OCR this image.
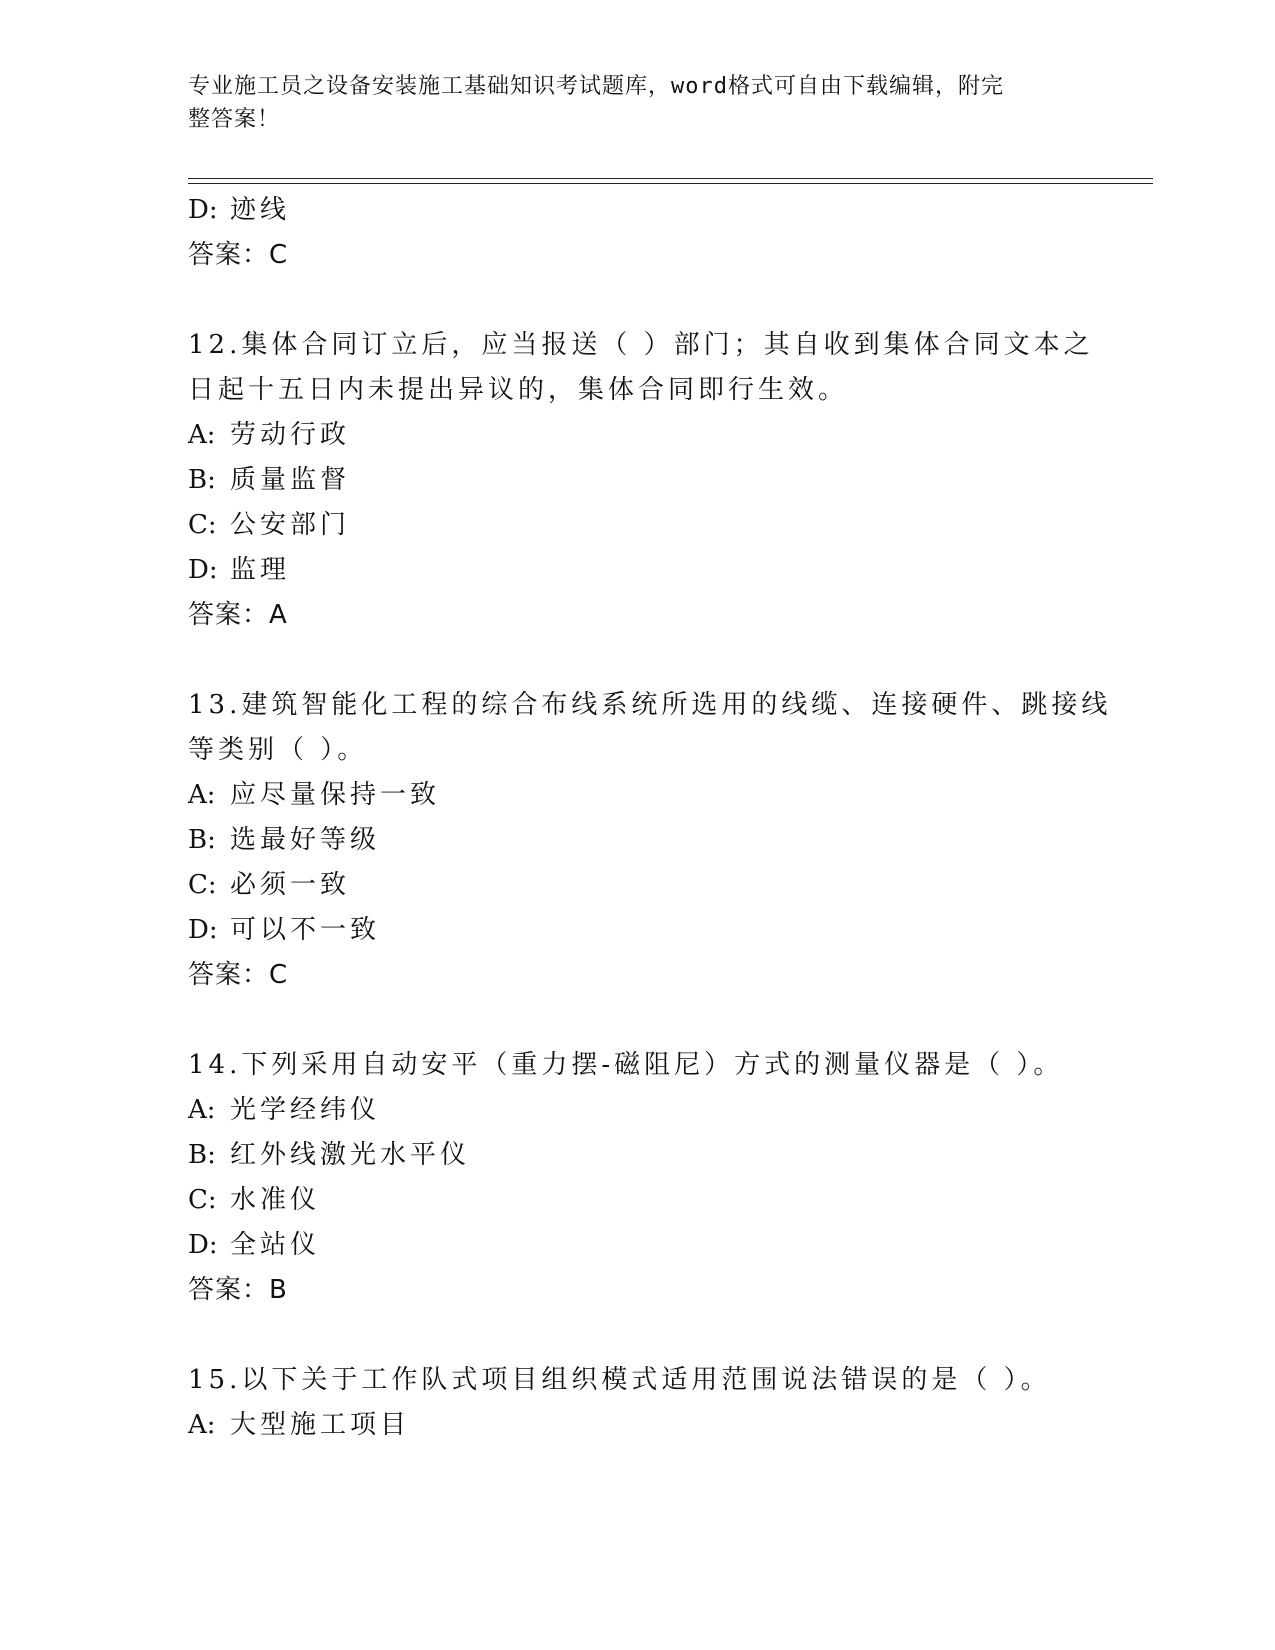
专业施工员之设备安装施工基础知识考试题库，word格式可自由下载编辑，附完
整答案！
D: 迹线
答案：C
12.集体合同订立后，应当报送（ ）部门；其自收到集体合同文本之
日起十五日内未提出异议的，集体合同即行生效。
A: 劳动行政
B: 质量监督
C: 公安部门
D: 监理
答案：A
13.建筑智能化工程的综合布线系统所选用的线缆、连接硬件、跳接线
等类别（ ）。
A: 应尽量保持一致
B: 选最好等级
C: 必须一致
D: 可以不一致
答案：C
14.下列采用自动安平（重力摆-磁阻尼）方式的测量仪器是（ ）。
A: 光学经纬仪
B: 红外线激光水平仪
C: 水准仪
D: 全站仪
答案：B
15.以下关于工作队式项目组织模式适用范围说法错误的是（ ）。
A: 大型施工项目
